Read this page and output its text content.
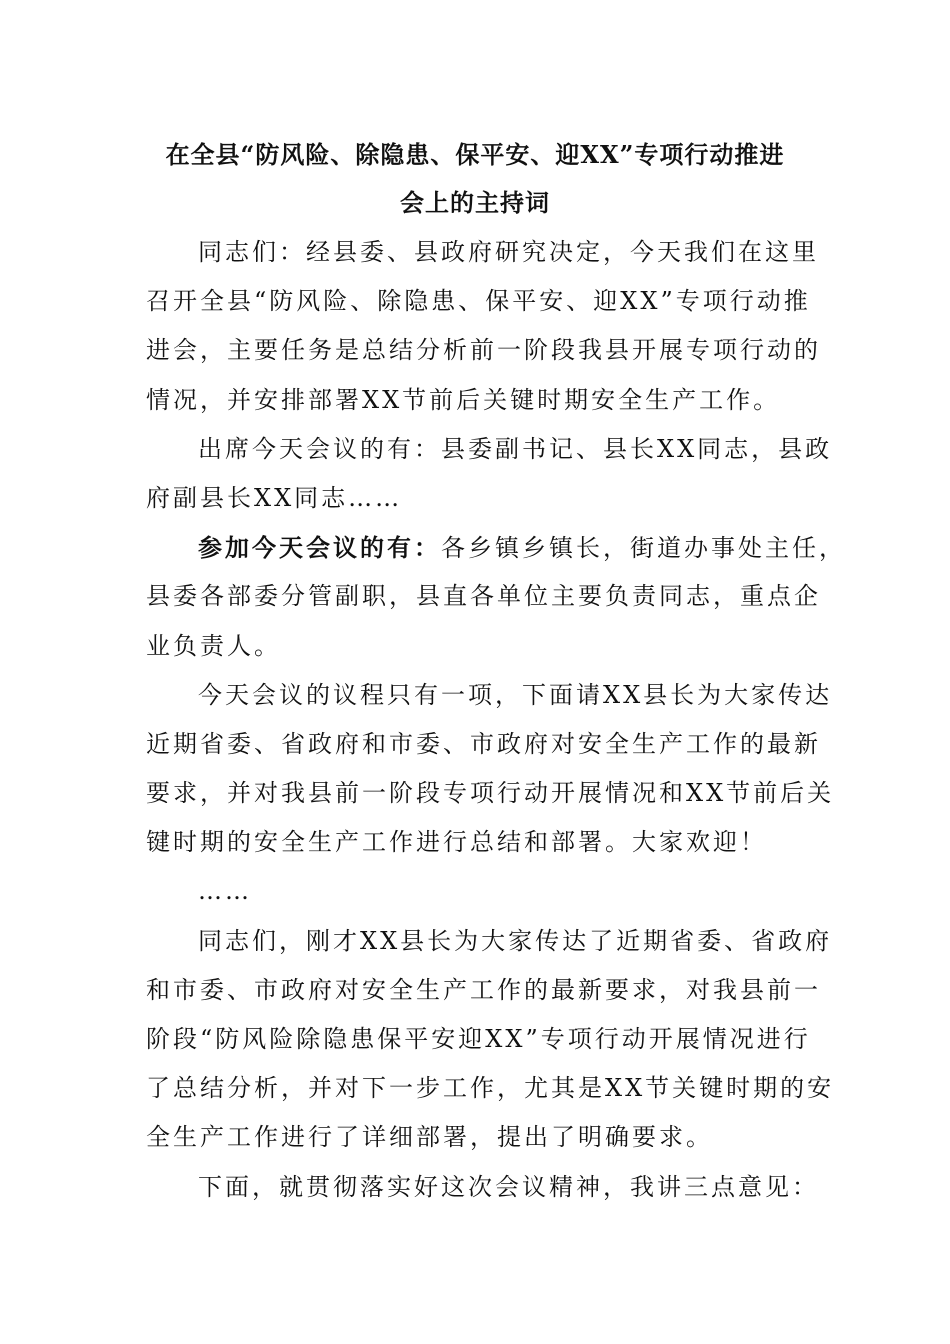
在全县“防风险、除隐患、保平安、迎XX”专项行动推进
会上的主持词
同志们：经县委、县政府研究决定，今天我们在这里
召开全县“防风险、除隐患、保平安、迎XX”专项行动推
进会，主要任务是总结分析前一阶段我县开展专项行动的
情况，并安排部署XX节前后关键时期安全生产工作。
出席今天会议的有：县委副书记、县长XX同志，县政
府副县长XX同志……
参加今天会议的有：各乡镇乡镇长，街道办事处主任，
县委各部委分管副职，县直各单位主要负责同志，重点企
业负责人。
今天会议的议程只有一项，下面请XX县长为大家传达
近期省委、省政府和市委、市政府对安全生产工作的最新
要求，并对我县前一阶段专项行动开展情况和XX节前后关
键时期的安全生产工作进行总结和部署。大家欢迎！
……
同志们，刚才XX县长为大家传达了近期省委、省政府
和市委、市政府对安全生产工作的最新要求，对我县前一
阶段“防风险除隐患保平安迎XX”专项行动开展情况进行
了总结分析，并对下一步工作，尤其是XX节关键时期的安
全生产工作进行了详细部署，提出了明确要求。
下面，就贯彻落实好这次会议精神，我讲三点意见：
